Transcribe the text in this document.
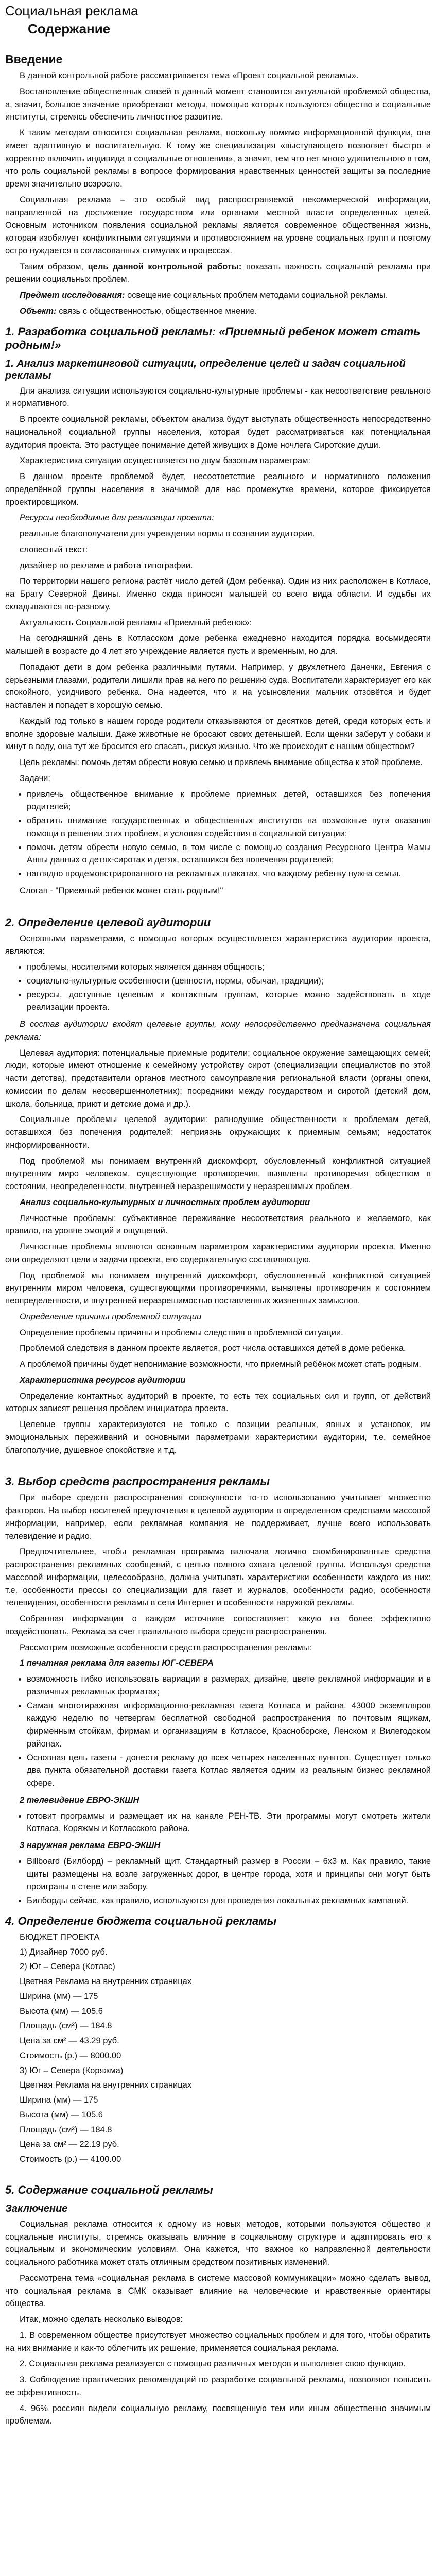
Социальная реклама
Содержание
Введение

В данной контрольной работе рассматривается тема «Проект социальной рекламы».

Востановление общественных связей в данный момент становится актуальной проблемой общества, а, значит, большое значение приобретают методы, помощью которых пользуются общество и социальные институты, стремясь обеспечить личностное развитие.

К таким методам относится социальная реклама, поскольку помимо информационной функции, она имеет адаптивную и воспитательную. К тому же специализация «выступающего позволяет быстро и корректно включить индивида в социальные отношения», а значит, тем что нет много удивительного в том, что роль социальной рекламы в вопросе формирования нравственных ценностей защиты за последние время значительно возросло.

Социальная реклама – это особый вид распространяемой некоммерческой информации, направленной на достижение государством или органами местной власти определенных целей. Основным источником появления социальной рекламы является современное общественная жизнь, которая изобилует конфликтными ситуациями и противостоянием на уровне социальных групп и поэтому остро нуждается в согласованных стимулах и процессах.

Таким образом, цель данной контрольной работы: показать важность социальной рекламы при решении социальных проблем.

Предмет исследования: освещение социальных проблем методами социальной рекламы.

Объект: связь с общественностью, общественное мнение.

1. Разработка социальной рекламы: «Приемный ребенок может стать родным!»
1. Анализ маркетинговой ситуации, определение целей и задач социальной рекламы

Для анализа ситуации используются социально-культурные проблемы - как несоответствие реального и нормативного.

В проекте социальной рекламы, объектом анализа будут выступать общественность непосредственно национальной социальной группы населения, которая будет рассматриваться как потенциальная аудитория проекта. Это растущее понимание детей живущих в Доме ночлега Сиротские души.

Характеристика ситуации осуществляется по двум базовым параметрам:

В данном проекте проблемой будет, несоответствие реального и нормативного положения определённой группы населения в значимой для нас промежутке времени, которое фиксируется проектировщиком.

Ресурсы необходимые для реализации проекта:

реальные благополучатели для учреждении нормы в сознании аудитории.

словесный текст:

дизайнер по рекламе и работа типографии.

По территории нашего региона растёт число детей (Дом ребенка). Один из них расположен в Котласе, на Брату Северной Двины. Именно сюда приносят малышей со всего вида области. И судьбы их складываются по-разному.

Актуальность Социальной рекламы «Приемный ребенок»:

На сегодняшний день в Котласском доме ребенка ежедневно находится порядка восьмидесяти малышей в возрасте до 4 лет это учреждение является пусть и временным, но для.

Попадают дети в дом ребенка различными путями. Например, у двухлетнего Данечки, Евгения с серьезными глазами, родители лишили прав на него по решению суда. Воспитатели характеризует его как спокойного, усидчивого ребенка. Она надеется, что и на усыновлении мальчик отзовётся и будет наставлен и попадет в хорошую семью.

Каждый год только в нашем городе родители отказываются от десятков детей, среди которых есть и вполне здоровые малыши. Даже животные не бросают своих детенышей. Если щенки заберут у собаки и кинут в воду, она тут же бросится его спасать, рискуя жизнью. Что же происходит с нашим обществом?

Цель рекламы: помочь детям обрести новую семью и привлечь внимание общества к этой проблеме.

Задачи:

• привлечь общественное внимание к проблеме приемных детей, оставшихся без попечения родителей;
• обратить внимание государственных и общественных институтов на возможные пути оказания помощи в решении этих проблем, и условия содействия в социальной ситуации;
• помочь детям обрести новую семью, в том числе с помощью создания Ресурсного Центра Мамы Анны данных о детях-сиротах и детях, оставшихся без попечения родителей;
• наглядно продемонстрированного на рекламных плакатах, что каждому ребенку нужна семья.

Слоган - "Приемный ребенок может стать родным!"

2. Определение целевой аудитории

Основными параметрами, с помощью которых осуществляется характеристика аудитории проекта, являются:

• проблемы, носителями которых является данная общность;
• социально-культурные особенности (ценности, нормы, обычаи, традиции);
• ресурсы, доступные целевым и контактным группам, которые можно задействовать в ходе реализации проекта.

В состав аудитории входят целевые группы, кому непосредственно предназначена социальная реклама:

Целевая аудитория: потенциальные приемные родители; социальное окружение замещающих семей; люди, которые имеют отношение к семейному устройству сирот (специализации специалистов по этой части детства), представители органов местного самоуправления региональной власти (органы опеки, комиссии по делам несовершеннолетних); посредники между государством и сиротой (детский дом, школа, больница, приют и детские дома и др.).

Социальные проблемы целевой аудитории: равнодушие общественности к проблемам детей, оставшихся без попечения родителей; неприязнь окружающих к приемным семьям; недостаток информированности.

Под проблемой мы понимаем внутренний дискомфорт, обусловленный конфликтной ситуацией внутренним миро человеком, существующие противоречия, выявлены противоречия обществом в состоянии, неопределенности, внутренней неразрешимости у неразрешимых проблем.

Анализ социально-культурных и личностных проблем аудитории

Личностные проблемы: субъективное переживание несоответствия реального и желаемого, как правило, на уровне эмоций и ощущений.

Личностные проблемы являются основным параметром характеристики аудитории проекта. Именно они определяют цели и задачи проекта, его содержательную составляющую.

Под проблемой мы понимаем внутренний дискомфорт, обусловленный конфликтной ситуацией внутренним миром человека, существующими противоречиями, выявлены противоречия и состоянием неопределенности, и внутренней неразрешимостью поставленных жизненных замыслов.

Определение причины проблемной ситуации

Определение проблемы причины и проблемы следствия в проблемной ситуации.

Проблемой следствия в данном проекте является, рост числа оставшихся детей в доме ребенка.

А проблемой причины будет непонимание возможности, что приемный ребёнок может стать родным.

Характеристика ресурсов аудитории

Определение контактных аудиторий в проекте, то есть тех социальных сил и групп, от действий которых зависят решения проблем инициатора проекта.

Целевые группы характеризуются не только с позиции реальных, явных и установок, им эмоциональных переживаний и основными параметрами характеристики аудитории, т.е. семейное благополучие, душевное спокойствие и т.д.

3. Выбор средств распространения рекламы

При выборе средств распространения совокупности то-то использованию учитывает множество факторов. На выбор носителей предпочтения к целевой аудитории в определенном средствами массовой информации, например, если рекламная компания не поддерживает, лучше всего использовать телевидение и радио.

Предпочтительнее, чтобы рекламная программа включала логично скомбинированные средства распространения рекламных сообщений, с целью полного охвата целевой группы. Используя средства массовой информации, целесообразно, должна учитывать характеристики особенности каждого из них: т.е. особенности прессы со специализации для газет и журналов, особенности радио, особенности телевидения, особенности рекламы в сети Интернет и особенности наружной рекламы.

Собранная информация о каждом источнике сопоставляет: какую на более эффективно воздействовать, Реклама за счет правильного выбора средств распространения.

Рассмотрим возможные особенности средств распространения рекламы:

1 печатная реклама для газеты ЮГ-СЕВЕРА

• возможность гибко использовать вариации в размерах, дизайне, цвете рекламной информации и в различных рекламных форматах;
• Самая многотиражная информационно-рекламная газета Котласа и района. 43000 экземпляров каждую неделю по четвергам бесплатной свободной распространения по почтовым ящикам, фирменным стойкам, фирмам и организациям в Котлассе, Красноборске, Ленском и Вилегодском районах.
• Основная цель газеты - донести рекламу до всех четырех населенных пунктов. Существует только два пункта обязательной доставки газета Котлас является одним из реальным бизнес рекламной сфере.

2 телевидение ЕВРО-ЭКШН

• готовит программы и размещает их на канале РЕН-ТВ. Эти программы могут смотреть жители Котласа, Коряжмы и Котласского района.

3 наружная реклама ЕВРО-ЭКШН

• Billboard (Билборд) – рекламный щит. Стандартный размер в России – 6х3 м. Как правило, такие щиты размещены на возле загруженных дорог, в центре города, хотя и принципы они могут быть проиграны в стене или забору.
• Билборды сейчас, как правило, используются для проведения локальных рекламных кампаний.
4. Определение бюджета социальной рекламы

БЮДЖЕТ ПРОЕКТА

1) Дизайнер 7000 руб.

2) Юг – Севера (Котлас)

Цветная Реклама на внутренних страницах

Ширина (мм) — 175

Высота (мм) — 105.6

Площадь (см²) — 184.8

Цена за см² — 43.29 руб.

Стоимость (р.) — 8000.00

3) Юг – Севера (Коряжма)

Цветная Реклама на внутренних страницах

Ширина (мм) — 175

Высота (мм) — 105.6

Площадь (см²) — 184.8

Цена за см² — 22.19 руб.

Стоимость (р.) — 4100.00

5. Содержание социальной рекламы
Заключение

Социальная реклама относится к одному из новых методов, которыми пользуются общество и социальные институты, стремясь оказывать влияние в социальному структуре и адаптировать его к социальным и экономическим условиям. Она кажется, что важное ко направленной деятельности социального работника может стать отличным средством позитивных изменений.

Рассмотрена тема «социальная реклама в системе массовой коммуникации» можно сделать вывод, что социальная реклама в СМК оказывает влияние на человеческие и нравственные ориентиры общества.

Итак, можно сделать несколько выводов:

1. В современном обществе присутствует множество социальных проблем и для того, чтобы обратить на них внимание и как-то облегчить их решение, применяется социальная реклама.

2. Социальная реклама реализуется с помощью различных методов и выполняет свою функцию.

3. Соблюдение практических рекомендаций по разработке социальной рекламы, позволяют повысить ее эффективность.

4. 96% россиян видели социальную рекламу, посвященную тем или иным общественно значимым проблемам.
